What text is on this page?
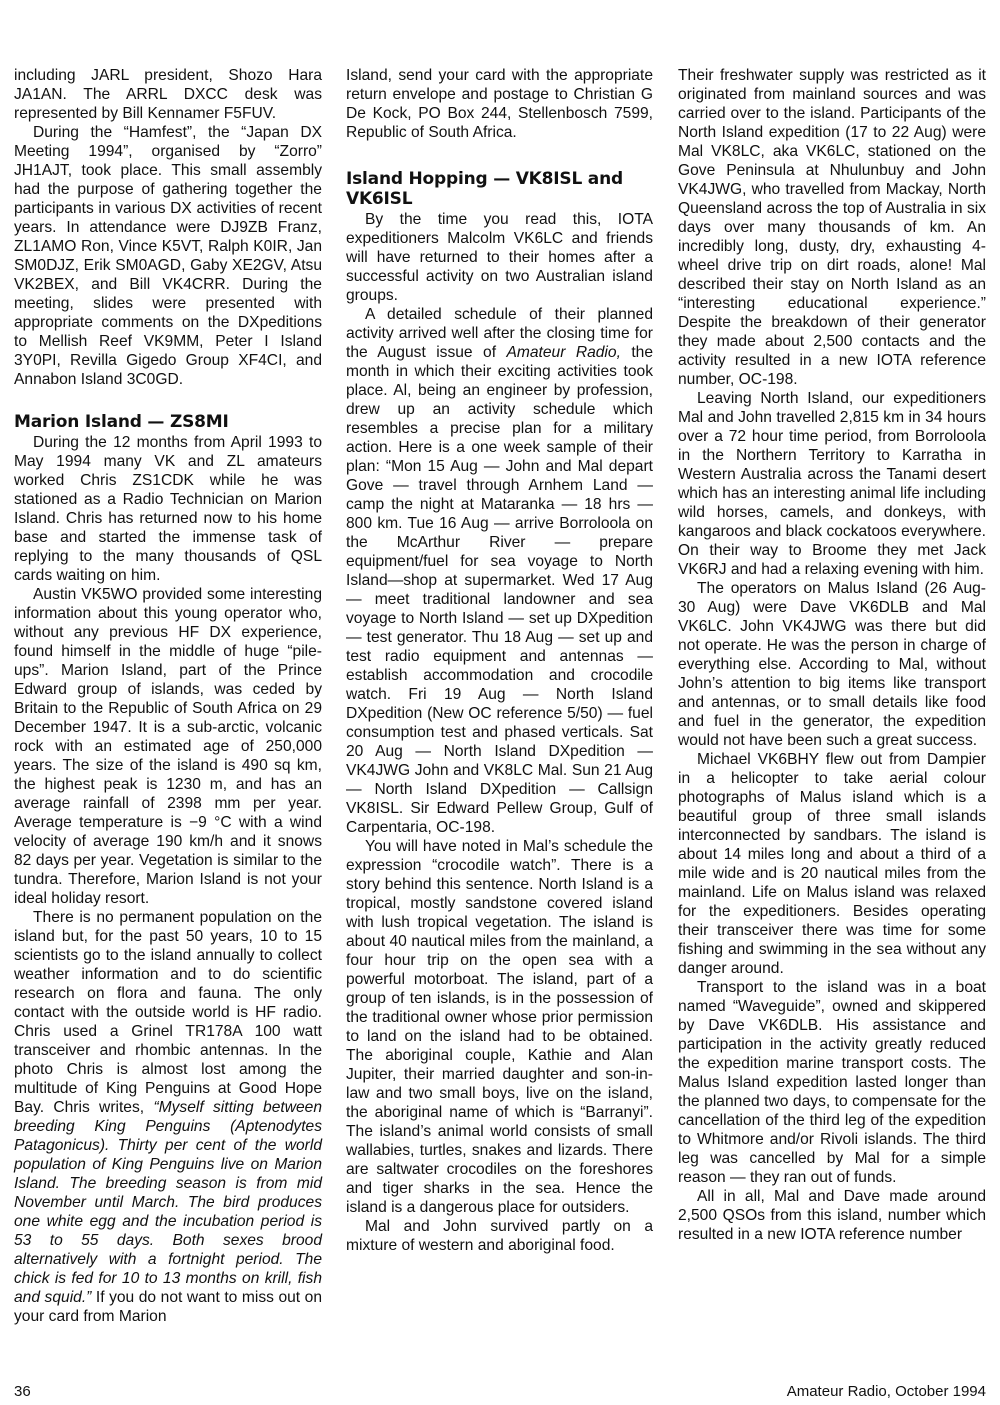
including JARL president, Shozo Hara JA1AN. The ARRL DXCC desk was represented by Bill Kennamer F5FUV.

During the “Hamfest”, the “Japan DX Meeting 1994”, organised by “Zorro” JH1AJT, took place. This small assembly had the purpose of gathering together the participants in various DX activities of recent years. In attendance were DJ9ZB Franz, ZL1AMO Ron, Vince K5VT, Ralph K0IR, Jan SM0DJZ, Erik SM0AGD, Gaby XE2GV, Atsu VK2BEX, and Bill VK4CRR. During the meeting, slides were presented with appropriate comments on the DXpeditions to Mellish Reef VK9MM, Peter I Island 3Y0PI, Revilla Gigedo Group XF4CI, and Annabon Island 3C0GD.

Marion Island — ZS8MI

During the 12 months from April 1993 to May 1994 many VK and ZL amateurs worked Chris ZS1CDK while he was stationed as a Radio Technician on Marion Island. Chris has returned now to his home base and started the immense task of replying to the many thousands of QSL cards waiting on him.

Austin VK5WO provided some interesting information about this young operator who, without any previous HF DX experience, found himself in the middle of huge “pile-ups”. Marion Island, part of the Prince Edward group of islands, was ceded by Britain to the Republic of South Africa on 29 December 1947. It is a sub-arctic, volcanic rock with an estimated age of 250,000 years. The size of the island is 490 sq km, the highest peak is 1230 m, and has an average rainfall of 2398 mm per year. Average temperature is −9 °C with a wind velocity of average 190 km/h and it snows 82 days per year. Vegetation is similar to the tundra. Therefore, Marion Island is not your ideal holiday resort.

There is no permanent population on the island but, for the past 50 years, 10 to 15 scientists go to the island annually to collect weather information and to do scientific research on flora and fauna. The only contact with the outside world is HF radio. Chris used a Grinel TR178A 100 watt transceiver and rhombic antennas. In the photo Chris is almost lost among the multitude of King Penguins at Good Hope Bay. Chris writes, “Myself sitting between breeding King Penguins (Aptenodytes Patagonicus). Thirty per cent of the world population of King Penguins live on Marion Island. The breeding season is from mid November until March. The bird produces one white egg and the incubation period is 53 to 55 days. Both sexes brood alternatively with a fortnight period. The chick is fed for 10 to 13 months on krill, fish and squid.” If you do not want to miss out on your card from Marion

Island, send your card with the appropriate return envelope and postage to Christian G De Kock, PO Box 244, Stellenbosch 7599, Republic of South Africa.

Island Hopping — VK8ISL and VK6ISL

By the time you read this, IOTA expeditioners Malcolm VK6LC and friends will have returned to their homes after a successful activity on two Australian island groups.

A detailed schedule of their planned activity arrived well after the closing time for the August issue of Amateur Radio, the month in which their exciting activities took place. Al, being an engineer by profession, drew up an activity schedule which resembles a precise plan for a military action. Here is a one week sample of their plan: “Mon 15 Aug — John and Mal depart Gove — travel through Arnhem Land — camp the night at Mataranka — 18 hrs — 800 km. Tue 16 Aug — arrive Borroloola on the McArthur River — prepare equipment/fuel for sea voyage to North Island—shop at supermarket. Wed 17 Aug — meet traditional landowner and sea voyage to North Island — set up DXpedition — test generator. Thu 18 Aug — set up and test radio equipment and antennas — establish accommodation and crocodile watch. Fri 19 Aug — North Island DXpedition (New OC reference 5/50) — fuel consumption test and phased verticals. Sat 20 Aug — North Island DXpedition — VK4JWG John and VK8LC Mal. Sun 21 Aug — North Island DXpedition — Callsign VK8ISL. Sir Edward Pellew Group, Gulf of Carpentaria, OC-198.

You will have noted in Mal’s schedule the expression “crocodile watch”. There is a story behind this sentence. North Island is a tropical, mostly sandstone covered island with lush tropical vegetation. The island is about 40 nautical miles from the mainland, a four hour trip on the open sea with a powerful motorboat. The island, part of a group of ten islands, is in the possession of the traditional owner whose prior permission to land on the island had to be obtained. The aboriginal couple, Kathie and Alan Jupiter, their married daughter and son-in-law and two small boys, live on the island, the aboriginal name of which is “Barranyi”. The island’s animal world consists of small wallabies, turtles, snakes and lizards. There are saltwater crocodiles on the foreshores and tiger sharks in the sea. Hence the island is a dangerous place for outsiders.

Mal and John survived partly on a mixture of western and aboriginal food.

Their freshwater supply was restricted as it originated from mainland sources and was carried over to the island. Participants of the North Island expedition (17 to 22 Aug) were Mal VK8LC, aka VK6LC, stationed on the Gove Peninsula at Nhulunbuy and John VK4JWG, who travelled from Mackay, North Queensland across the top of Australia in six days over many thousands of km. An incredibly long, dusty, dry, exhausting 4-wheel drive trip on dirt roads, alone! Mal described their stay on North Island as an “interesting educational experience.” Despite the breakdown of their generator they made about 2,500 contacts and the activity resulted in a new IOTA reference number, OC-198.

Leaving North Island, our expeditioners Mal and John travelled 2,815 km in 34 hours over a 72 hour time period, from Borroloola in the Northern Territory to Karratha in Western Australia across the Tanami desert which has an interesting animal life including wild horses, camels, and donkeys, with kangaroos and black cockatoos everywhere. On their way to Broome they met Jack VK6RJ and had a relaxing evening with him.

The operators on Malus Island (26 Aug-30 Aug) were Dave VK6DLB and Mal VK6LC. John VK4JWG was there but did not operate. He was the person in charge of everything else. According to Mal, without John’s attention to big items like transport and antennas, or to small details like food and fuel in the generator, the expedition would not have been such a great success.

Michael VK6BHY flew out from Dampier in a helicopter to take aerial colour photographs of Malus island which is a beautiful group of three small islands interconnected by sandbars. The island is about 14 miles long and about a third of a mile wide and is 20 nautical miles from the mainland. Life on Malus island was relaxed for the expeditioners. Besides operating their transceiver there was time for some fishing and swimming in the sea without any danger around.

Transport to the island was in a boat named “Waveguide”, owned and skippered by Dave VK6DLB. His assistance and participation in the activity greatly reduced the expedition marine transport costs. The Malus Island expedition lasted longer than the planned two days, to compensate for the cancellation of the third leg of the expedition to Whitmore and/or Rivoli islands. The third leg was cancelled by Mal for a simple reason — they ran out of funds.

All in all, Mal and Dave made around 2,500 QSOs from this island, number which resulted in a new IOTA reference number

36	Amateur Radio, October 1994
